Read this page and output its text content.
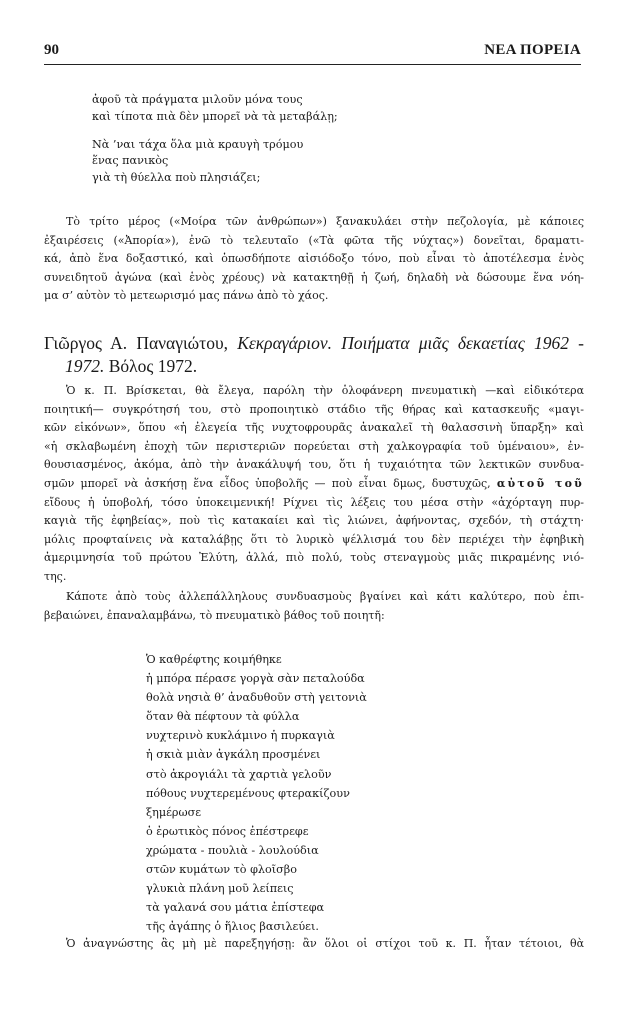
90	ΝΕΑ ΠΟΡΕΙΑ
ἀφοῦ τὰ πράγματα μιλοῦν μόνα τους
καὶ τίποτα πιὰ δὲν μπορεῖ νὰ τὰ μεταβάλῃ;
Νὰ ’ναι τάχα ὅλα μιὰ κραυγὴ τρόμου
ἕνας πανικὸς
γιὰ τὴ θύελλα ποὺ πλησιάζει;
Τὸ τρίτο μέρος («Μοίρα τῶν ἀνθρώπων») ξανακυλάει στὴν πεζολογία, μὲ κάποιες
ἐξαιρέσεις («Ἀπορία»), ἐνῶ τὸ τελευταῖο («Τὰ φῶτα τῆς νύχτας») δονεῖται, δραματι-
κά, ἀπὸ ἕνα δοξαστικό, καὶ ὁπωσδήποτε αἰσιόδοξο τόνο, ποὺ εἶναι τὸ ἀποτέλεσμα ἑνὸς
συνειδητοῦ ἀγώνα (καὶ ἑνὸς χρέους) νὰ κατακτηθῇ ἡ ζωή, δηλαδὴ νὰ δώσουμε ἕνα νόη-
μα σ’ αὐτὸν τὸ μετεωρισμό μας πάνω ἀπὸ τὸ χάος.
Γιῶργος Α. Παναγιώτου, Κεκραγάριον. Ποιήματα μιᾶς δεκαετίας 1962 -
1972. Βόλος 1972.
Ὁ κ. Π. Βρίσκεται, θὰ ἔλεγα, παρόλη τὴν ὁλοφάνερη πνευματικὴ —καὶ εἰδικότερα
ποιητική— συγκρότησή του, στὸ προποιητικὸ στάδιο τῆς θήρας καὶ κατασκευῆς «μαγι-
κῶν εἰκόνων», ὅπου «ἡ ἐλεγεία τῆς νυχτοφρουρᾶς ἀνακαλεῖ τὴ θαλασσινὴ ὕπαρξη» καὶ
«ἡ σκλαβωμένη ἐποχὴ τῶν περιστεριῶν πορεύεται στὴ χαλκογραφία τοῦ ὑμέναιου», ἐν-
θουσιασμένος, ἀκόμα, ἀπὸ τὴν ἀνακάλυψή του, ὅτι ἡ τυχαιότητα τῶν λεκτικῶν συνδυα-
σμῶν μπορεῖ νὰ ἀσκήσῃ ἕνα εἶδος ὑποβολῆς — ποὺ εἶναι δμως, δυστυχῶς, αὐτοῦ τοῦ
εἴδους ἡ ὑποβολή, τόσο ὑποκειμενική! Ρίχνει τὶς λέξεις του μέσα στὴν «ἀχόρταγη πυρ-
καγιὰ τῆς ἐφηβείας», ποὺ τὶς κατακαίει καὶ τὶς λιώνει, ἀφήνοντας, σχεδόν, τὴ στάχτη·
μόλις προφταίνεις νὰ καταλάβῃς ὅτι τὸ λυρικὸ ψέλλισμά του δὲν περιέχει τὴν ἐφηβικὴ
ἀμεριμνησία τοῦ πρώτου Ἐλύτη, ἀλλά, πιὸ πολύ, τοὺς στεναγμοὺς μιᾶς πικραμένης νιό-
της.
Κάποτε ἀπὸ τοὺς ἀλλεπάλληλους συνδυασμοὺς βγαίνει καὶ κάτι καλύτερο, ποὺ ἐπι-
βεβαιώνει, ἐπαναλαμβάνω, τὸ πνευματικὸ βάθος τοῦ ποιητῆ:
Ὁ καθρέφτης κοιμήθηκε
ἡ μπόρα πέρασε γοργὰ σὰν πεταλούδα
θολὰ νησιὰ θ’ ἀναδυθοῦν στὴ γειτονιὰ
ὅταν θὰ πέφτουν τὰ φύλλα
νυχτερινὸ κυκλάμινο ἡ πυρκαγιὰ
ἡ σκιὰ μιὰν ἀγκάλη προσμένει
στὸ ἀκρογιάλι τὰ χαρτιὰ γελοῦν
πόθους νυχτερεμένους φτερακίζουν
ξημέρωσε
ὁ ἐρωτικὸς πόνος ἐπέστρεφε
χρώματα - πουλιὰ - λουλούδια
στῶν κυμάτων τὸ φλοῖσβο
γλυκιὰ πλάνη μοῦ λείπεις
τὰ γαλανά σου μάτια ἐπίστεφα
τῆς ἀγάπης ὁ ἥλιος βασιλεύει.
Ὁ ἀναγνώστης ἂς μὴ μὲ παρεξηγήσῃ: ἂν ὅλοι οἱ στίχοι τοῦ κ. Π. ἦταν τέτοιοι, θὰ
